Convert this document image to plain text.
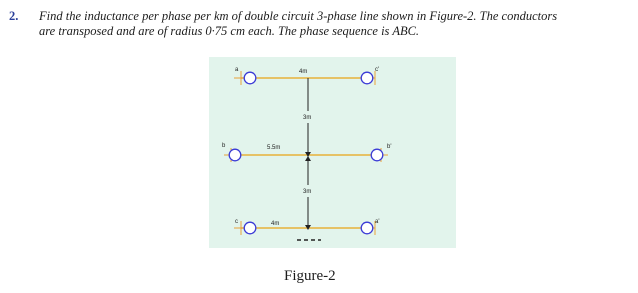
2. Find the inductance per phase per km of double circuit 3-phase line shown in Figure-2. The conductors
are transposed and are of radius 0·75 cm each. The phase sequence is ABC.
a	c'
b	b'
c	a'
4m
3m
5.5m
3m
4m
Figure-2
